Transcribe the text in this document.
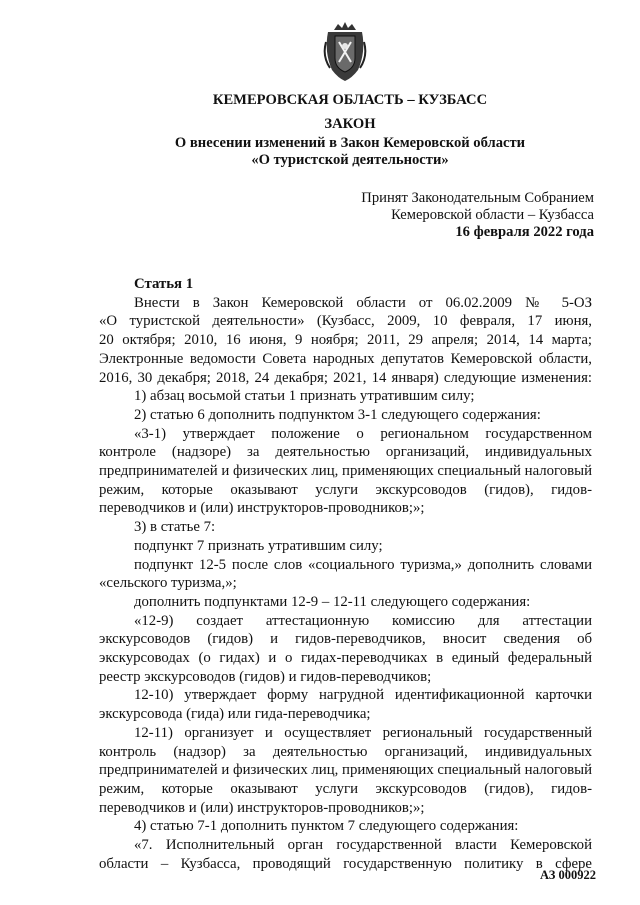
КЕМЕРОВСКАЯ ОБЛАСТЬ – КУЗБАСС
ЗАКОН
О внесении изменений в Закон Кемеровской области
«О туристской деятельности»
Принят Законодательным Собранием
Кемеровской области – Кузбасса
16 февраля 2022 года

Статья 1

Внести в Закон Кемеровской области от 06.02.2009 № 5-ОЗ

«О туристской деятельности» (Кузбасс, 2009, 10 февраля, 17 июня,

20 октября; 2010, 16 июня, 9 ноября; 2011, 29 апреля; 2014, 14 марта;

Электронные ведомости Совета народных депутатов Кемеровской области,

2016, 30 декабря; 2018, 24 декабря; 2021, 14 января) следующие изменения:

1) абзац восьмой статьи 1 признать утратившим силу;

2) статью 6 дополнить подпунктом 3-1 следующего содержания:

«3-1) утверждает положение о региональном государственном

контроле (надзоре) за деятельностью организаций, индивидуальных

предпринимателей и физических лиц, применяющих специальный налоговый

режим, которые оказывают услуги экскурсоводов (гидов), гидов-

переводчиков и (или) инструкторов-проводников;»;

3) в статье 7:

подпункт 7 признать утратившим силу;

подпункт 12-5 после слов «социального туризма,» дополнить словами

«сельского туризма,»;

дополнить подпунктами 12-9 – 12-11 следующего содержания:

«12-9) создает аттестационную комиссию для аттестации

экскурсоводов (гидов) и гидов-переводчиков, вносит сведения об

экскурсоводах (о гидах) и о гидах-переводчиках в единый федеральный

реестр экскурсоводов (гидов) и гидов-переводчиков;

12-10) утверждает форму нагрудной идентификационной карточки

экскурсовода (гида) или гида-переводчика;

12-11) организует и осуществляет региональный государственный

контроль (надзор) за деятельностью организаций, индивидуальных

предпринимателей и физических лиц, применяющих специальный налоговый

режим, которые оказывают услуги экскурсоводов (гидов), гидов-

переводчиков и (или) инструкторов-проводников;»;

4) статью 7-1 дополнить пунктом 7 следующего содержания:

«7. Исполнительный орган государственной власти Кемеровской

области – Кузбасса, проводящий государственную политику в сфере

АЗ 000922
